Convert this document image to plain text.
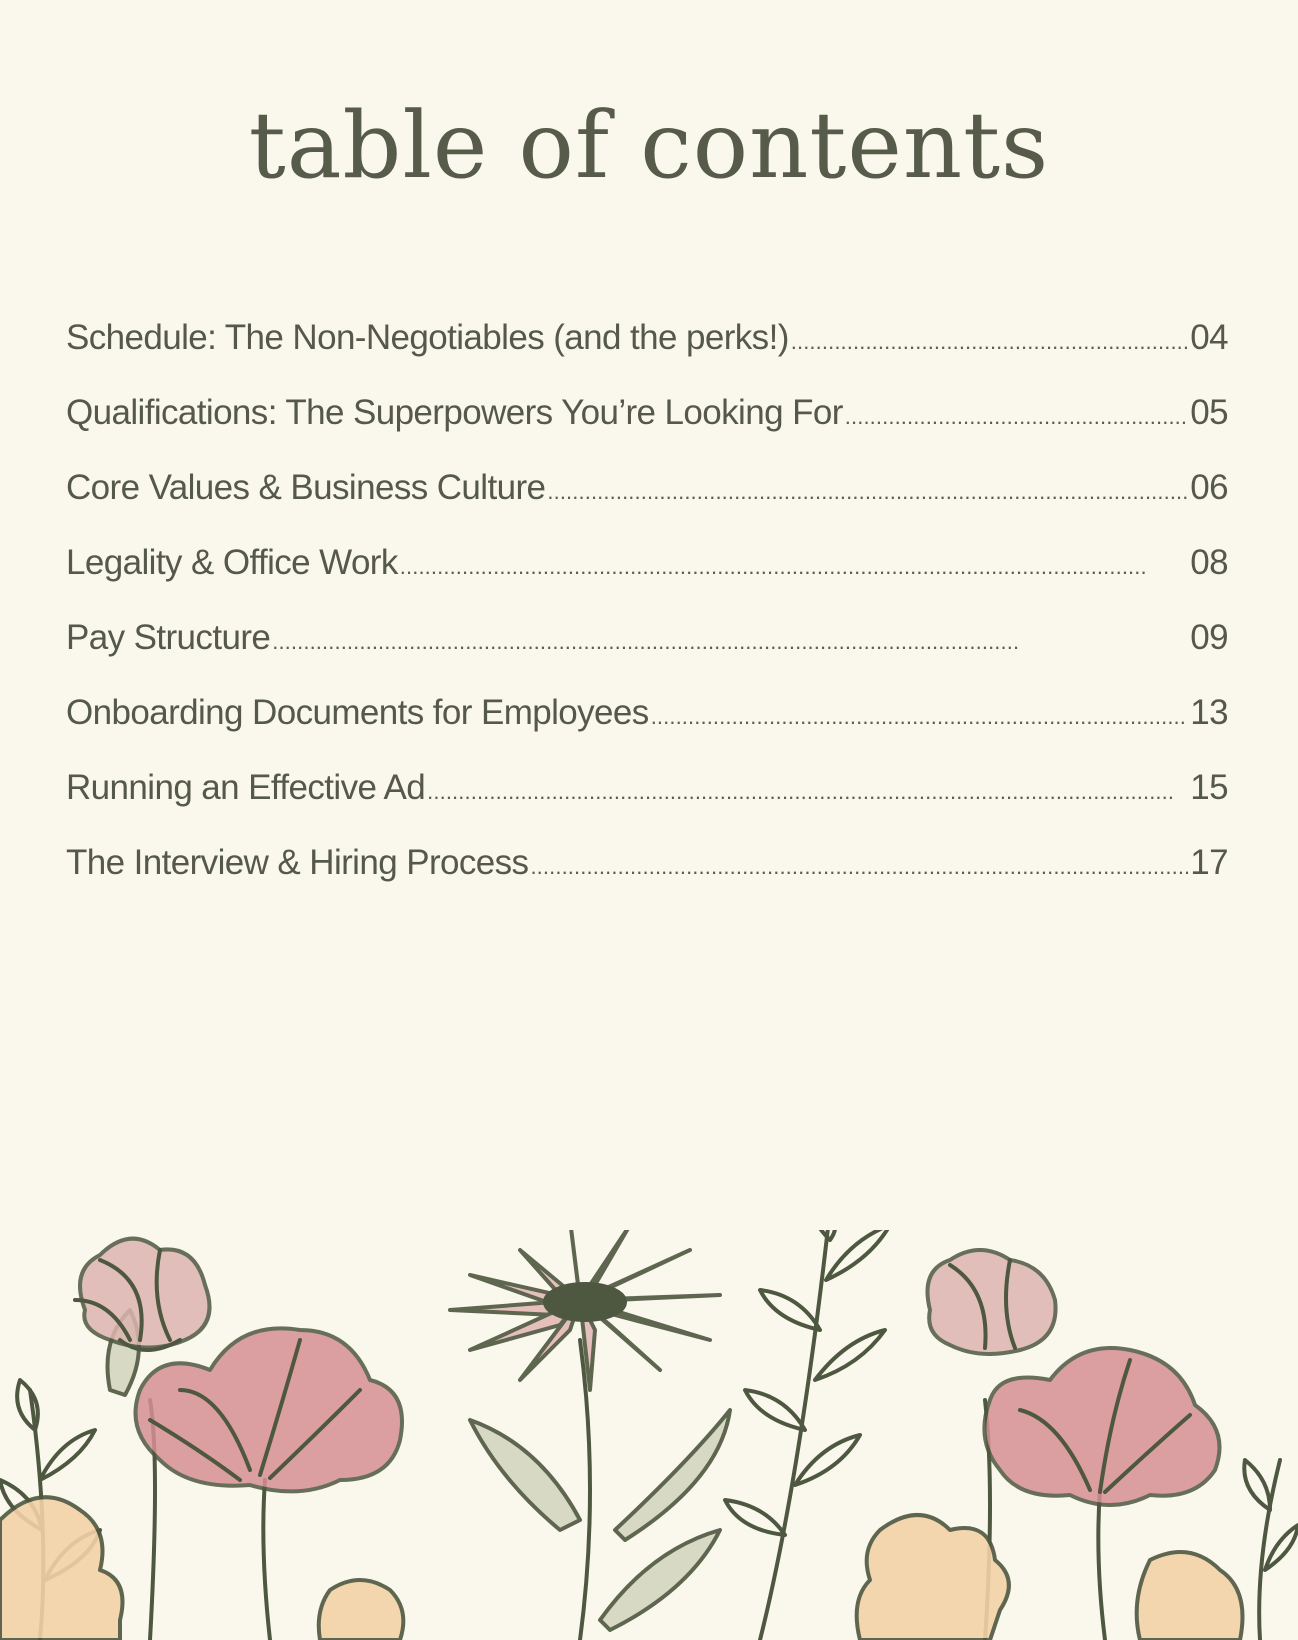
table of contents
Schedule: The Non-Negotiables (and the perks!) . . .	04
Qualifications: The Superpowers You’re Looking For . . .	05
Core Values & Business Culture . . .	06
Legality & Office Work . . .	08
Pay Structure . . .	09
Onboarding Documents for Employees . . .	13
Running an Effective Ad . . .	15
The Interview & Hiring Process . . .	17
